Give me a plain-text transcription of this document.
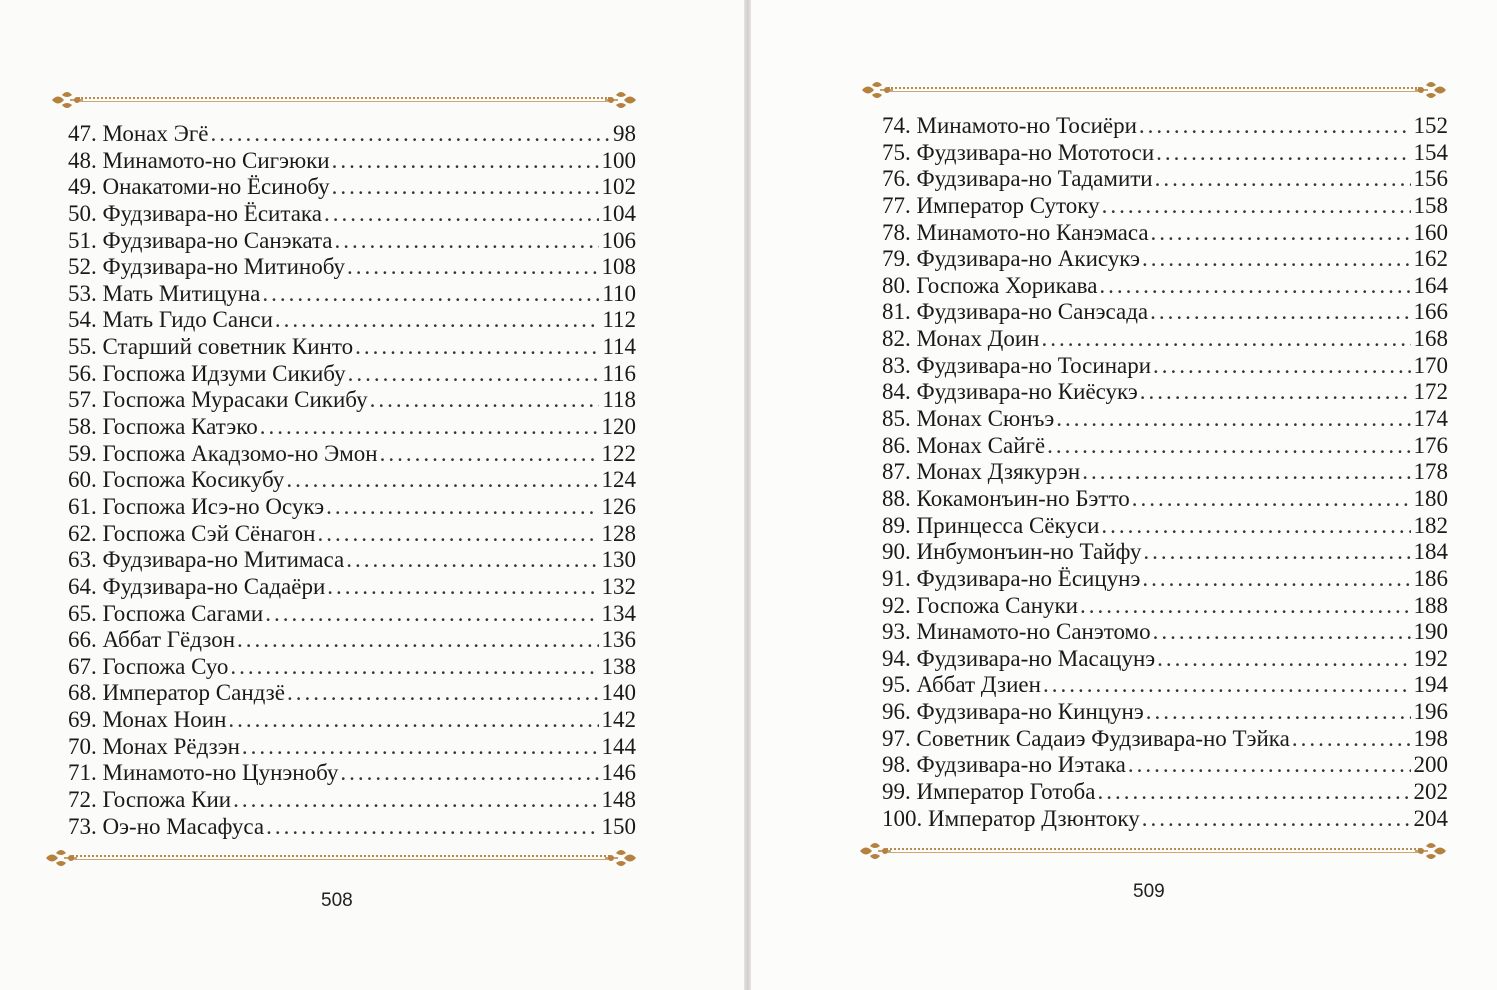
47. Монах Эгё .....	98
48. Минамото-но Сигэюки .....	100
49. Онакатоми-но Ёсинобу .....	102
50. Фудзивара-но Ёситака .....	104
51. Фудзивара-но Санэката .....	106
52. Фудзивара-но Митинобу .....	108
53. Мать Митицуна .....	110
54. Мать Гидо Санси .....	112
55. Старший советник Кинто .....	114
56. Госпожа Идзуми Сикибу .....	116
57. Госпожа Мурасаки Сикибу .....	118
58. Госпожа Катэко .....	120
59. Госпожа Акадзомо-но Эмон .....	122
60. Госпожа Косикубу .....	124
61. Госпожа Исэ-но Осукэ .....	126
62. Госпожа Сэй Сёнагон .....	128
63. Фудзивара-но Митимаса .....	130
64. Фудзивара-но Садаёри .....	132
65. Госпожа Сагами .....	134
66. Аббат Гёдзон .....	136
67. Госпожа Суо .....	138
68. Император Сандзё .....	140
69. Монах Ноин .....	142
70. Монах Рёдзэн .....	144
71. Минамото-но Цунэнобу .....	146
72. Госпожа Кии .....	148
73. Оэ-но Масафуса .....	150
508
74. Минамото-но Тосиёри .....	152
75. Фудзивара-но Мототоси .....	154
76. Фудзивара-но Тадамити .....	156
77. Император Сутоку .....	158
78. Минамото-но Канэмаса .....	160
79. Фудзивара-но Акисукэ .....	162
80. Госпожа Хорикава .....	164
81. Фудзивара-но Санэсада .....	166
82. Монах Доин .....	168
83. Фудзивара-но Тосинари .....	170
84. Фудзивара-но Киёсукэ .....	172
85. Монах Сюнъэ .....	174
86. Монах Сайгё .....	176
87. Монах Дзякурэн .....	178
88. Кокамонъин-но Бэтто .....	180
89. Принцесса Сёкуси .....	182
90. Инбумонъин-но Тайфу .....	184
91. Фудзивара-но Ёсицунэ .....	186
92. Госпожа Сануки .....	188
93. Минамото-но Санэтомо .....	190
94. Фудзивара-но Масацунэ .....	192
95. Аббат Дзиен .....	194
96. Фудзивара-но Кинцунэ .....	196
97. Советник Садаиэ Фудзивара-но Тэйка .....	198
98. Фудзивара-но Иэтака .....	200
99. Император Готоба .....	202
100. Император Дзюнтоку .....	204
509
